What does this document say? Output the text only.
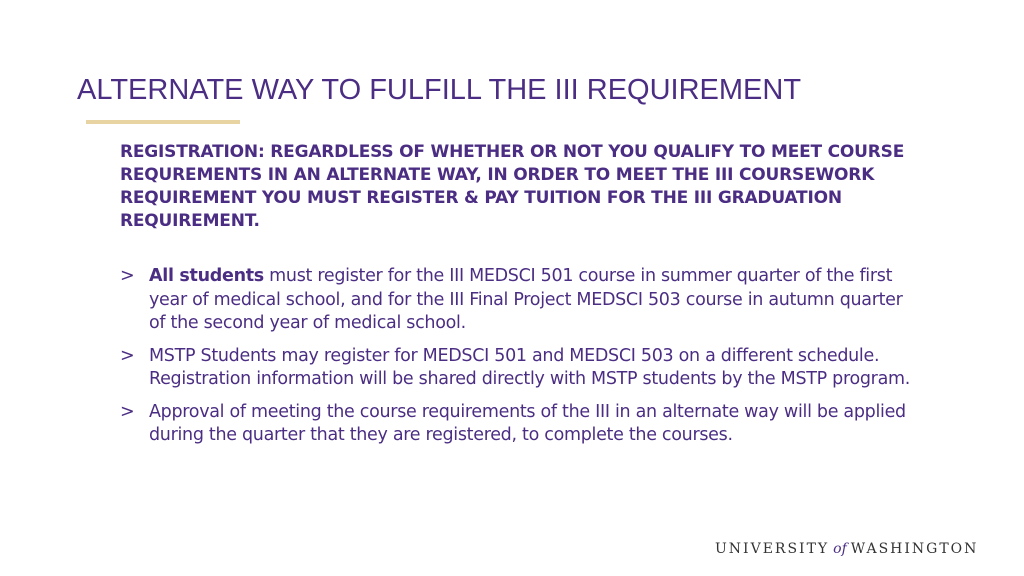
ALTERNATE WAY TO FULFILL THE III REQUIREMENT
REGISTRATION: REGARDLESS OF WHETHER OR NOT YOU QUALIFY TO MEET COURSE REQUREMENTS IN AN ALTERNATE WAY, IN ORDER TO MEET THE III COURSEWORK REQUIREMENT YOU MUST REGISTER & PAY TUITION FOR THE III GRADUATION REQUIREMENT.
> All students must register for the III MEDSCI 501 course in summer quarter of the first year of medical school, and for the III Final Project MEDSCI 503 course in autumn quarter of the second year of medical school.
> MSTP Students may register for MEDSCI 501 and MEDSCI 503 on a different schedule. Registration information will be shared directly with MSTP students by the MSTP program.
> Approval of meeting the course requirements of the III in an alternate way will be applied during the quarter that they are registered, to complete the courses.
UNIVERSITY of WASHINGTON
